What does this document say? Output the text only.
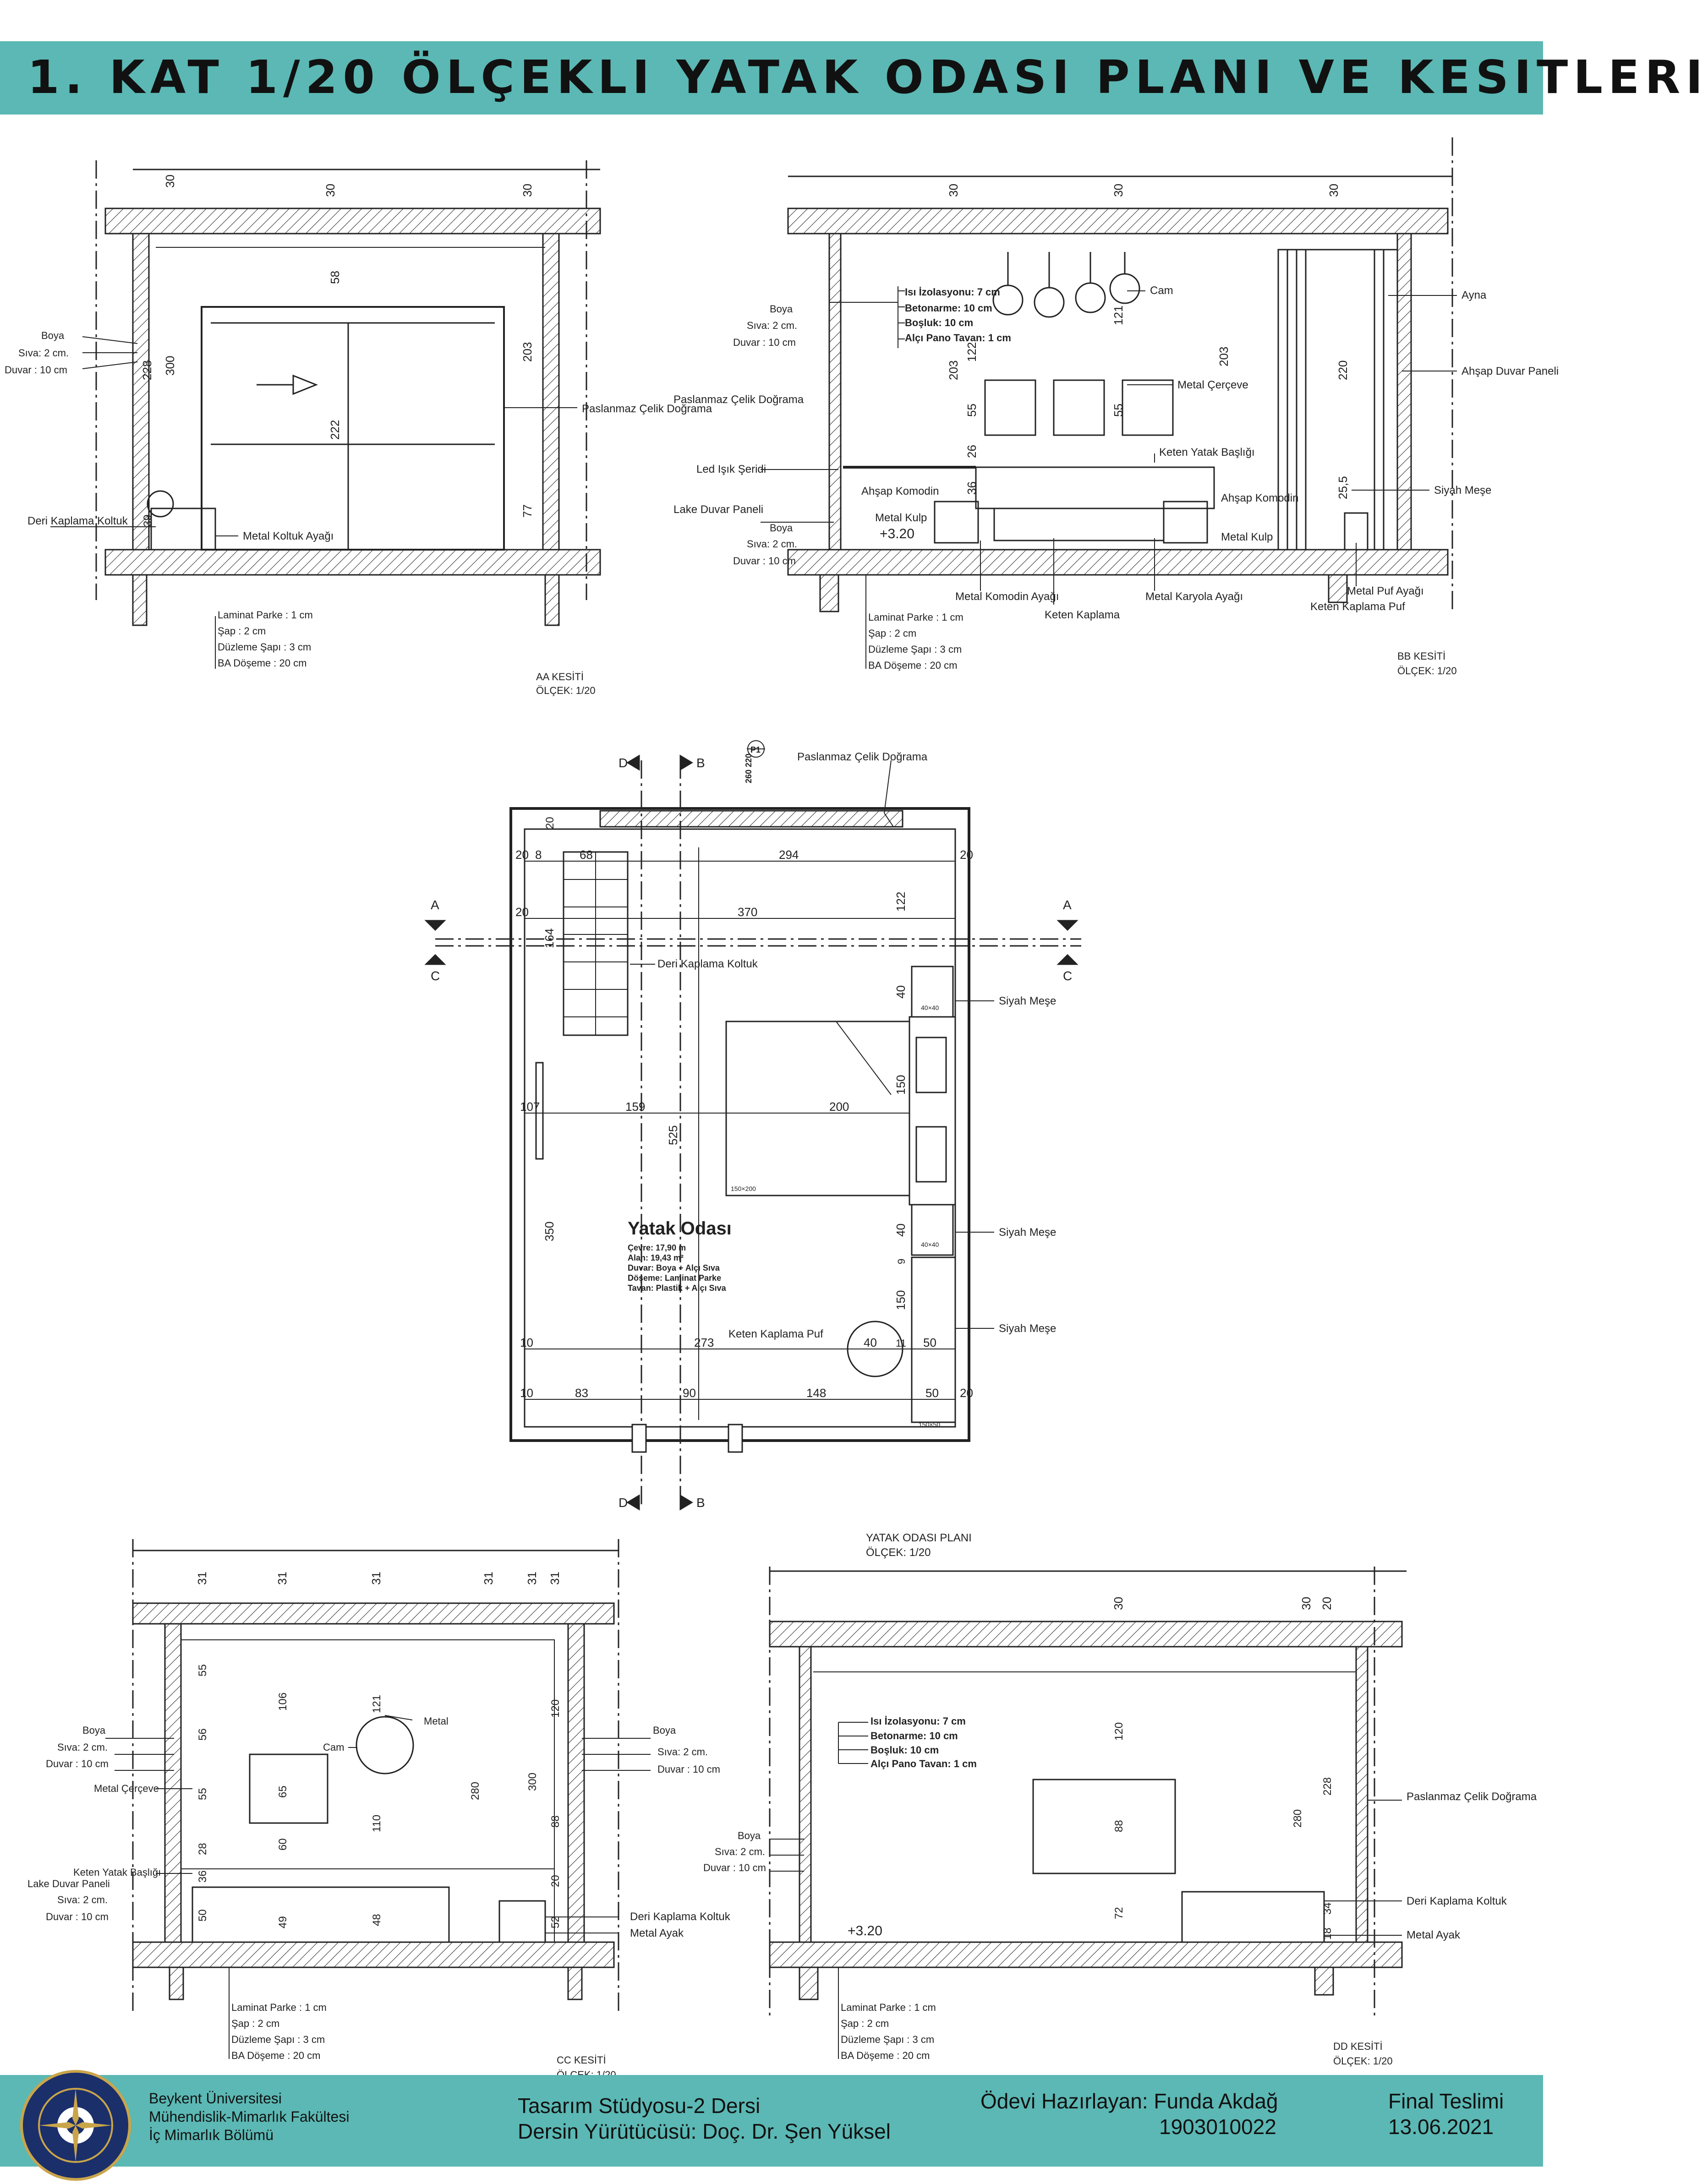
1. KAT 1/20 ÖLÇEKLI YATAK ODASI PLANI VE KESITLERI
30
30	30
300
228
58
222
203
77
39
Boya
Sıva: 2 cm.
Duvar : 10 cm
Paslanmaz Çelik Doğrama
Deri Kaplama Koltuk
Metal Koltuk Ayağı
Laminat Parke : 1 cm
Şap : 2 cm
Düzleme Şapı : 3 cm
BA Döşeme : 20 cm
AA KESİTİ
ÖLÇEK: 1/20
30	30	30
203
122
55
26
36
121
55
203
220
25,5
Boya
Sıva: 2 cm.
Duvar : 10 cm
Isı İzolasyonu: 7 cm
Betonarme: 10 cm
Boşluk: 10 cm
Alçı Pano Tavan: 1 cm
Cam	Ayna
Ahşap Duvar Paneli
Metal Çerçeve
Paslanmaz Çelik Doğrama
Keten Yatak Başlığı
Led Işık Şeridi
Siyah Meşe
Ahşap Komodin
Ahşap Komodin
Lake Duvar Paneli
Metal Kulp
Metal Kulp
+3.20
Boya
Sıva: 2 cm.
Duvar : 10 cm
Metal Komodin Ayağı
Keten Kaplama
Metal Karyola Ayağı	Metal Puf Ayağı
Keten Kaplama Puf
Laminat Parke : 1 cm
Şap : 2 cm
Düzleme Şapı : 3 cm
BA Döşeme : 20 cm
BB KESİTİ
ÖLÇEK: 1/20
P1
260 220	Paslanmaz Çelik Doğrama
D	B
D	B
A
C
A
C
Deri Kaplama Koltuk
Siyah Meşe
Siyah Meşe
Siyah Meşe
Keten Kaplama Puf
Yatak Odası
Çevre: 17,90 m
Alan: 19,43 m²
Duvar: Boya + Alçı Sıva
Döşeme: Laminat Parke
Tavan: Plastik + Alçı Sıva
20 8	68	294	20
20	370
122
164
40
40×40
107	159	200
150
150×200
525
350	40
40×40
9
150
10	273	40 11 50
10	83	90	148	50 20
150×50
20
YATAK ODASI PLANI
ÖLÇEK: 1/20
31	31	31	31	31 31
55
56
55
28
36
50
106
65
60
49
121
110
48
280	300
120
88
20
52
Boya
Sıva: 2 cm.
Duvar : 10 cm
Boya
Sıva: 2 cm.
Duvar : 10 cm
Metal
Cam
Metal Çerçeve
Keten Yatak Başlığı
Lake Duvar Paneli
Sıva: 2 cm.
Duvar : 10 cm	Deri Kaplama Koltuk
Metal Ayak
Laminat Parke : 1 cm
Şap : 2 cm
Düzleme Şapı : 3 cm
BA Döşeme : 20 cm	CC KESİTİ
30	30 20
120
88
72
280
228
34
18
Isı İzolasyonu: 7 cm
Betonarme: 10 cm
Boşluk: 10 cm
Alçı Pano Tavan: 1 cm
Boya
Sıva: 2 cm.
Duvar : 10 cm
Paslanmaz Çelik Doğrama
Deri Kaplama Koltuk
Metal Ayak
+3.20
Laminat Parke : 1 cm
Şap : 2 cm
Düzleme Şapı : 3 cm
BA Döşeme : 20 cm
DD KESİTİ
ÖLÇEK: 1/20
Beykent Üniversitesi
Mühendislik-Mimarlık Fakültesi
İç Mimarlık Bölümü
Tasarım Stüdyosu-2 Dersi
Dersin Yürütücüsü: Doç. Dr. Şen Yüksel
Ödevi Hazırlayan: Funda Akdağ
1903010022
Final Teslimi
13.06.2021
